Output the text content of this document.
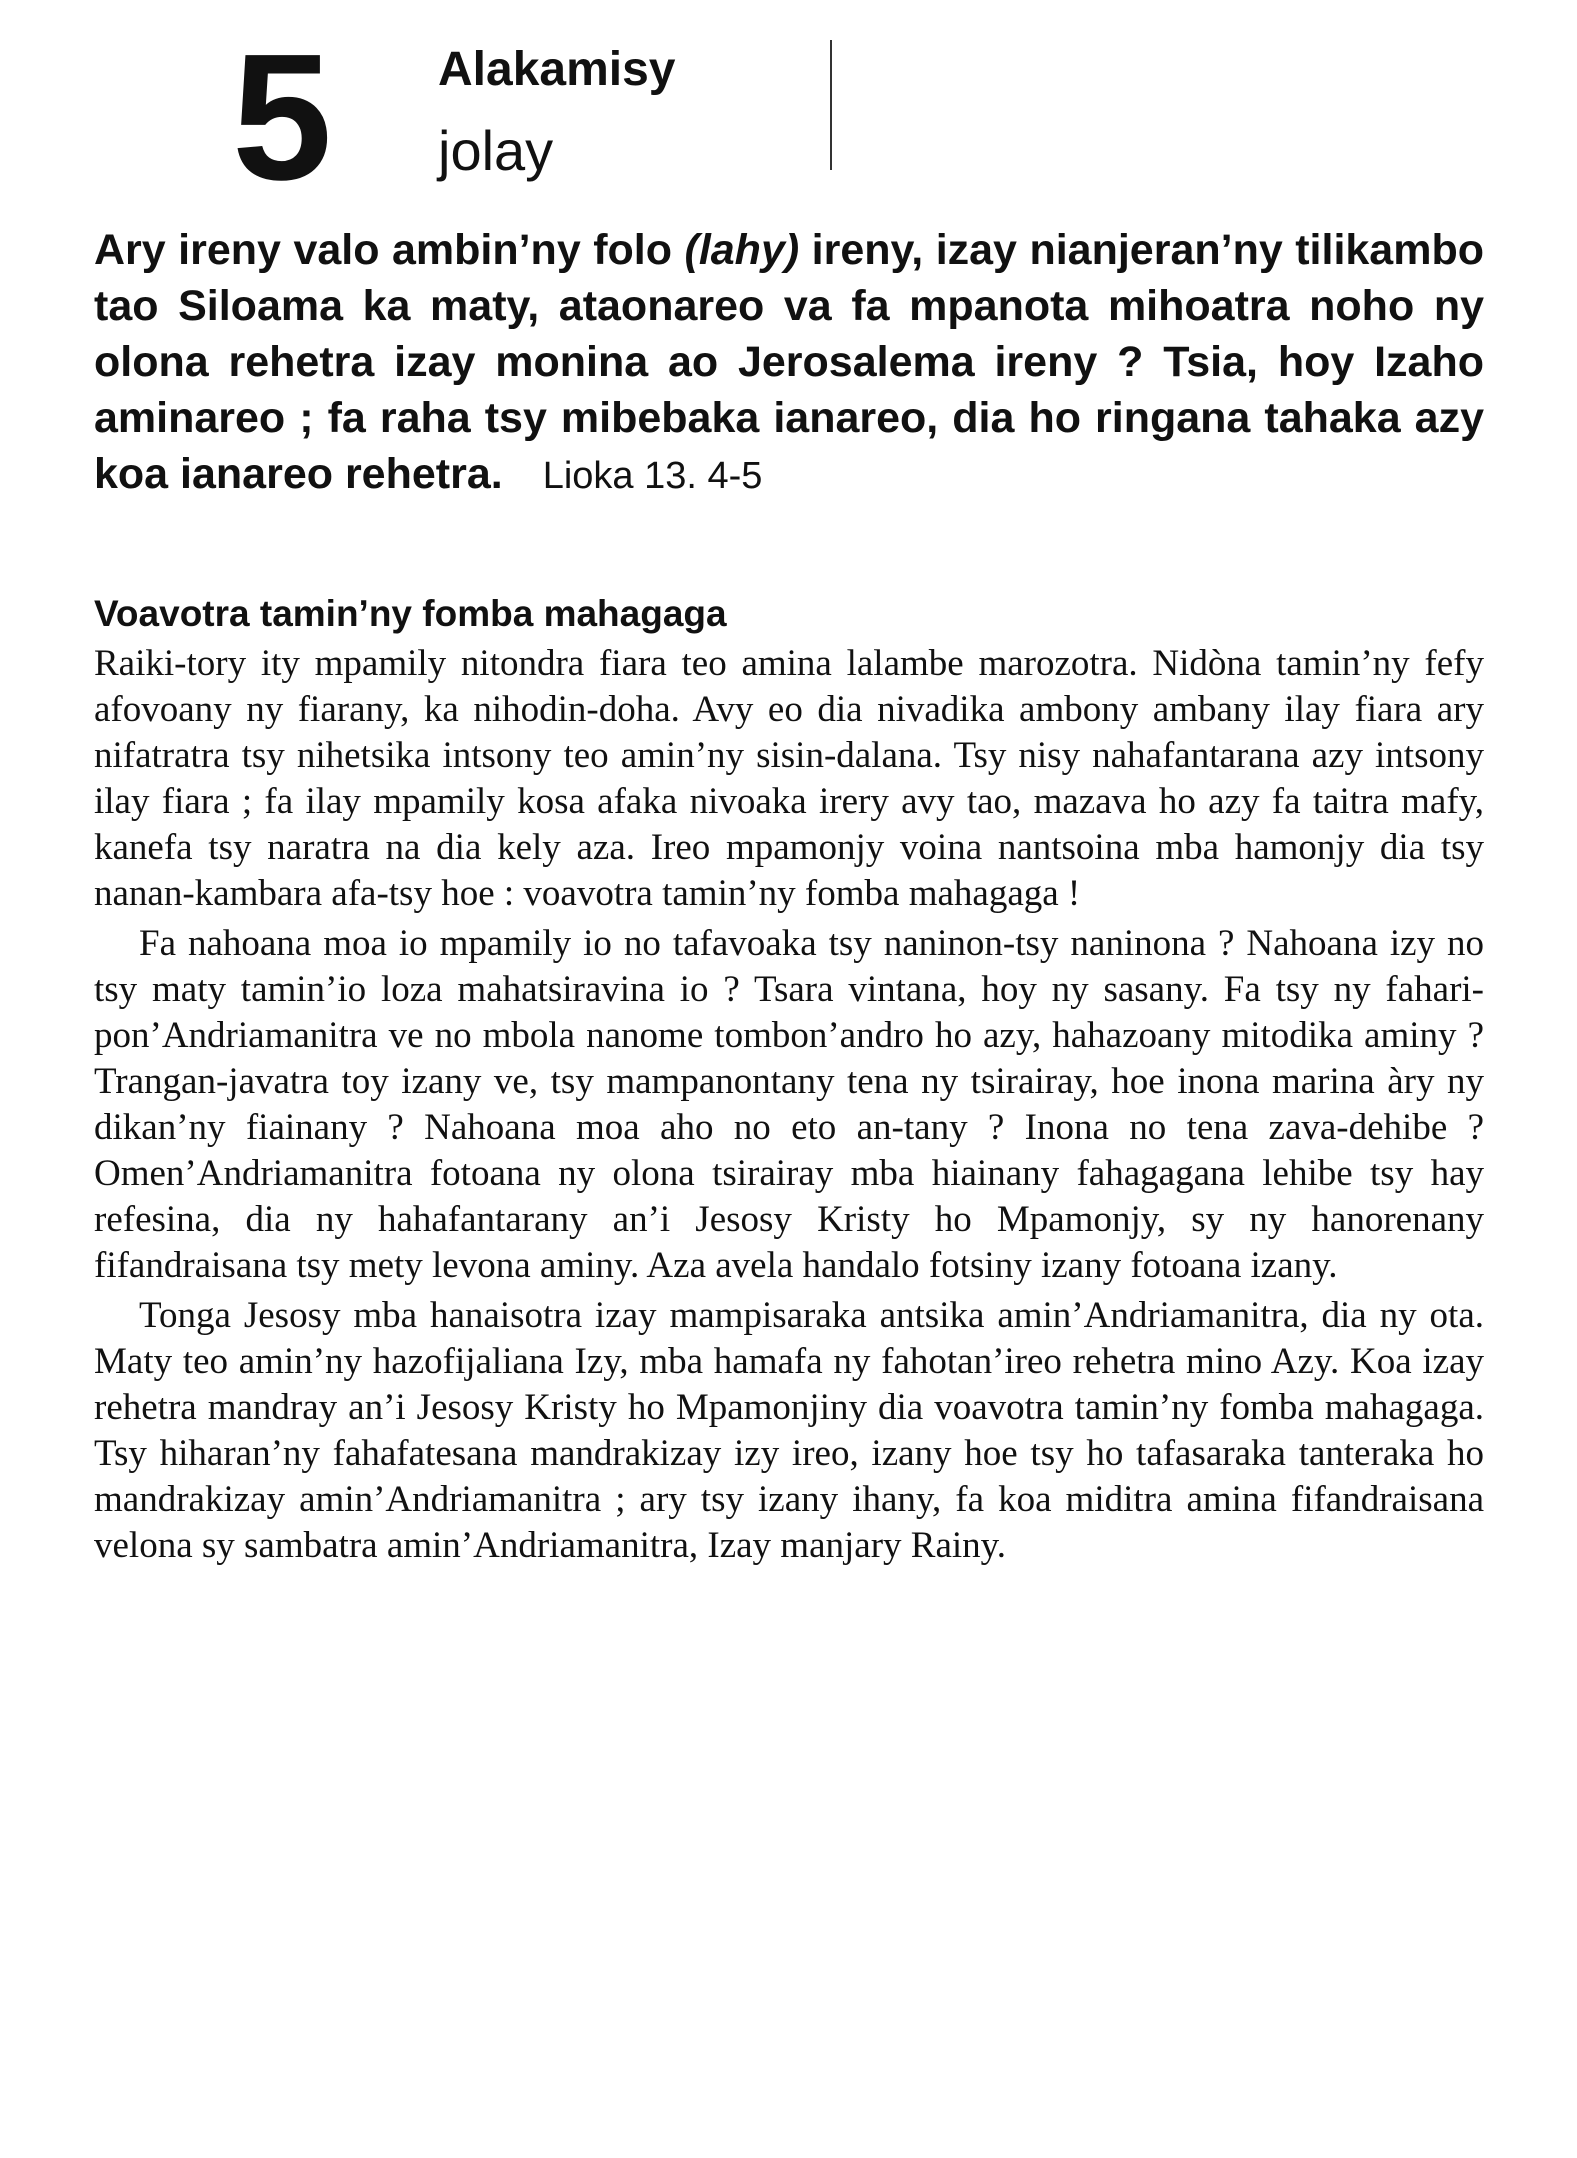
5 Alakamisy
jolay
Ary ireny valo ambin’ny folo (lahy) ireny, izay nianjeran’ny tilikambo tao Siloama ka maty, ataonareo va fa mpanota mihoatra noho ny olona rehetra izay monina ao Jerosalema ireny ? Tsia, hoy Izaho aminareo ; fa raha tsy mibebaka ianareo, dia ho ringana tahaka azy koa ianareo rehetra. Lioka 13. 4-5
Voavotra tamin’ny fomba mahagaga

Raiki-tory ity mpamily nitondra fiara teo amina lalambe marozotra. Nidòna tamin’ny fefy afovoany ny fiarany, ka nihodin-doha. Avy eo dia nivadika ambony ambany ilay fiara ary nifatratra tsy nihetsika intsony teo amin’ny sisin-dalana. Tsy nisy nahafantarana azy intsony ilay fiara ; fa ilay mpamily kosa afaka nivoaka irery avy tao, mazava ho azy fa taitra mafy, kanefa tsy naratra na dia kely aza. Ireo mpamonjy voina nantsoina mba hamonjy dia tsy nanan-kambara afa-tsy hoe : voavotra tamin’ny fomba mahagaga !

Fa nahoana moa io mpamily io no tafavoaka tsy naninon-tsy naninona ? Nahoana izy no tsy maty tamin’io loza mahatsiravina io ? Tsara vintana, hoy ny sasany. Fa tsy ny fahari-pon’Andriamanitra ve no mbola nanome tombon’andro ho azy, hahazoany mitodika aminy ? Trangan-javatra toy izany ve, tsy mampanontany tena ny tsirairay, hoe inona marina àry ny dikan’ny fiainany ? Nahoana moa aho no eto an-tany ? Inona no tena zava-dehibe ? Omen’Andriamanitra fotoana ny olona tsirairay mba hiainany fahagagana lehibe tsy hay refesina, dia ny hahafantarany an’i Jesosy Kristy ho Mpamonjy, sy ny hanorenany fifandraisana tsy mety levona aminy. Aza avela handalo fotsiny izany fotoana izany.

Tonga Jesosy mba hanaisotra izay mampisaraka antsika amin’Andriamanitra, dia ny ota. Maty teo amin’ny hazofijaliana Izy, mba hamafa ny fahotan’ireo rehetra mino Azy. Koa izay rehetra mandray an’i Jesosy Kristy ho Mpamonjiny dia voavotra tamin’ny fomba mahagaga. Tsy hiharan’ny fahafatesana mandrakizay izy ireo, izany hoe tsy ho tafasaraka tanteraka ho mandrakizay amin’Andriamanitra ; ary tsy izany ihany, fa koa miditra amina fifandraisana velona sy sambatra amin’Andriamanitra, Izay manjary Rainy.
